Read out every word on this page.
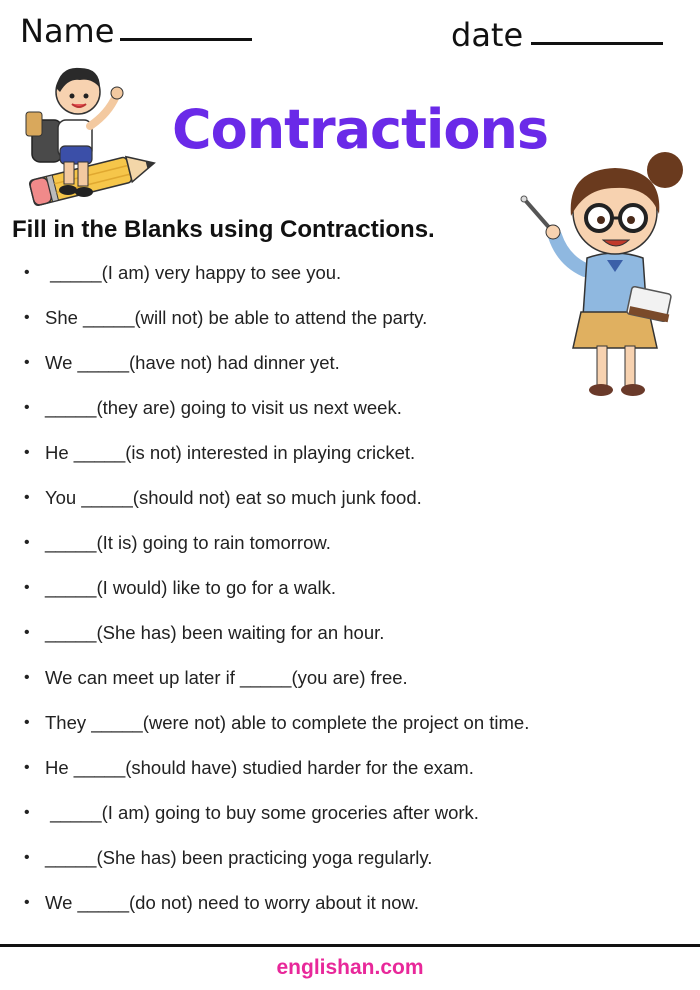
Name	date
Contractions
Fill in the Blanks using Contractions.
• _____(I am) very happy to see you.
• She _____(will not) be able to attend the party.
• We _____(have not) had dinner yet.
• _____(they are) going to visit us next week.
• He _____(is not) interested in playing cricket.
• You _____(should not) eat so much junk food.
• _____(It is) going to rain tomorrow.
• _____(I would) like to go for a walk.
• _____(She has) been waiting for an hour.
• We can meet up later if _____(you are) free.
• They _____(were not) able to complete the project on time.
• He _____(should have) studied harder for the exam.
• _____(I am) going to buy some groceries after work.
• _____(She has) been practicing yoga regularly.
• We _____(do not) need to worry about it now.
englishan.com
